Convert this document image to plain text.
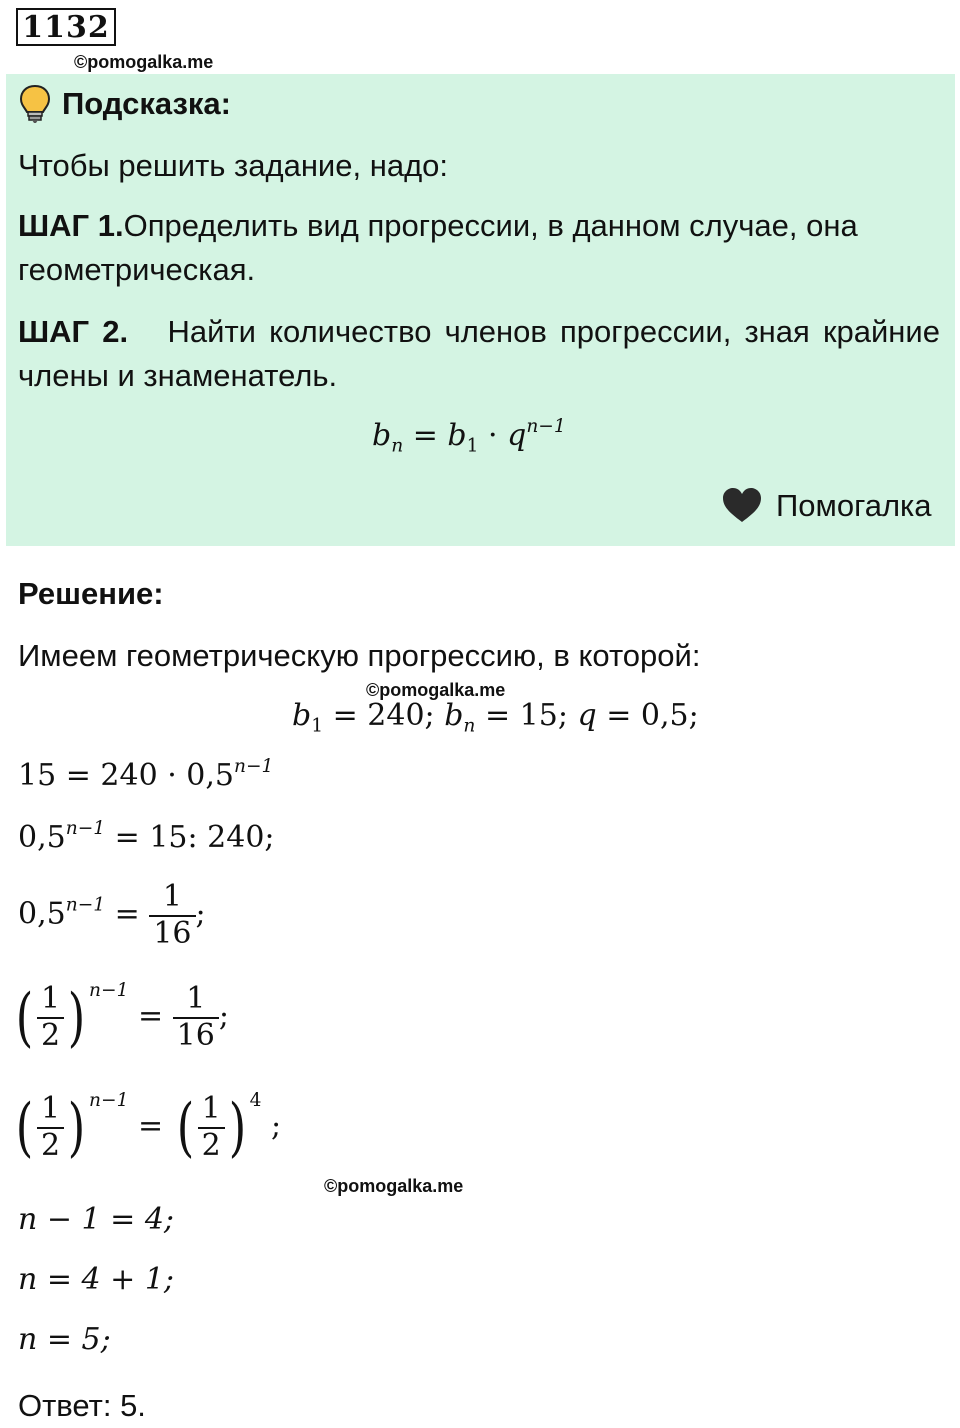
1132
©pomogalka.me
Подсказка:
Чтобы решить задание, надо:
ШАГ 1.Определить вид прогрессии, в данном случае, она геометрическая.
ШАГ 2. Найти количество членов прогрессии, зная крайние члены и знаменатель.
$b_n = b_1 \cdot q^{n-1}$
Помогалка
Решение:
Имеем геометрическую прогрессию, в которой:
©pomogalka.me
$b_1 = 240$; $b_n = 15$; q = 0,5;
$15 = 240 \cdot 0,5^{n-1}$
$0,5^{n-1} = 15$: 240;
$0,5^{n-1} = \frac{1}{16}$ ;
( $\frac{1}{2}$ ) $^{n-1} = \frac{1}{16}$ ;
( $\frac{1}{2}$ ) $^{n-1}$ = ( $\frac{1}{2}$ ) $^4$ ;
©pomogalka.me
n − 1 = 4;
n = 4 + 1;
n = 5;
Ответ: 5.
